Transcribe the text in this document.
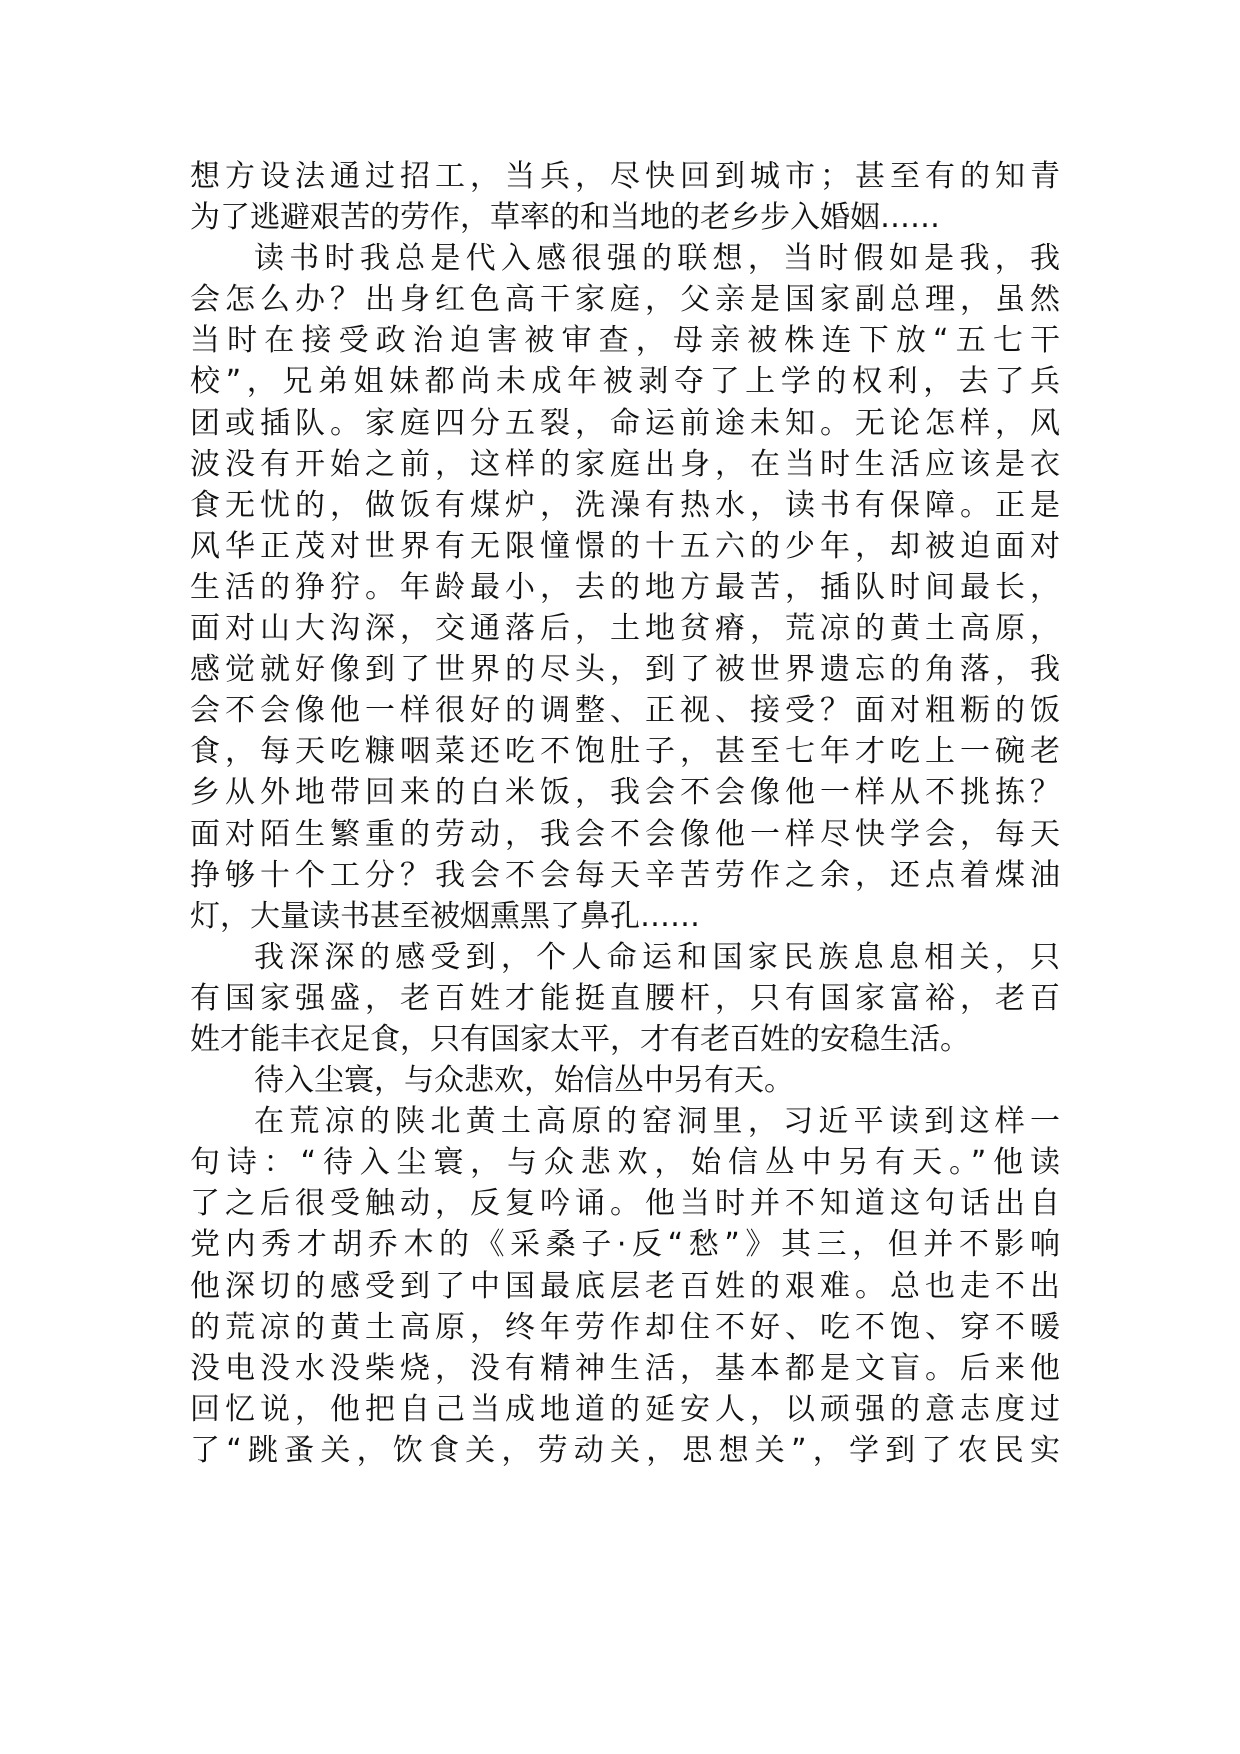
想方设法通过招工，当兵，尽快回到城市；甚至有的知青
为了逃避艰苦的劳作，草率的和当地的老乡步入婚姻……
读书时我总是代入感很强的联想，当时假如是我，我
会怎么办？出身红色高干家庭，父亲是国家副总理，虽然
当时在接受政治迫害被审查，母亲被株连下放“五七干
校”，兄弟姐妹都尚未成年被剥夺了上学的权利，去了兵
团或插队。家庭四分五裂，命运前途未知。无论怎样，风
波没有开始之前，这样的家庭出身，在当时生活应该是衣
食无忧的，做饭有煤炉，洗澡有热水，读书有保障。正是
风华正茂对世界有无限憧憬的十五六的少年，却被迫面对
生活的狰狞。年龄最小，去的地方最苦，插队时间最长，
面对山大沟深，交通落后，土地贫瘠，荒凉的黄土高原，
感觉就好像到了世界的尽头，到了被世界遗忘的角落，我
会不会像他一样很好的调整、正视、接受？面对粗粝的饭
食，每天吃糠咽菜还吃不饱肚子，甚至七年才吃上一碗老
乡从外地带回来的白米饭，我会不会像他一样从不挑拣？
面对陌生繁重的劳动，我会不会像他一样尽快学会，每天
挣够十个工分？我会不会每天辛苦劳作之余，还点着煤油
灯，大量读书甚至被烟熏黑了鼻孔……
我深深的感受到，个人命运和国家民族息息相关，只
有国家强盛，老百姓才能挺直腰杆，只有国家富裕，老百
姓才能丰衣足食，只有国家太平，才有老百姓的安稳生活。
待入尘寰，与众悲欢，始信丛中另有天。
在荒凉的陕北黄土高原的窑洞里，习近平读到这样一
句诗：“待入尘寰，与众悲欢，始信丛中另有天。”他读
了之后很受触动，反复吟诵。他当时并不知道这句话出自
党内秀才胡乔木的《采桑子·反“愁”》其三，但并不影响
他深切的感受到了中国最底层老百姓的艰难。总也走不出
的荒凉的黄土高原，终年劳作却住不好、吃不饱、穿不暖
没电没水没柴烧，没有精神生活，基本都是文盲。后来他
回忆说，他把自己当成地道的延安人，以顽强的意志度过
了“跳蚤关，饮食关，劳动关，思想关”，学到了农民实
